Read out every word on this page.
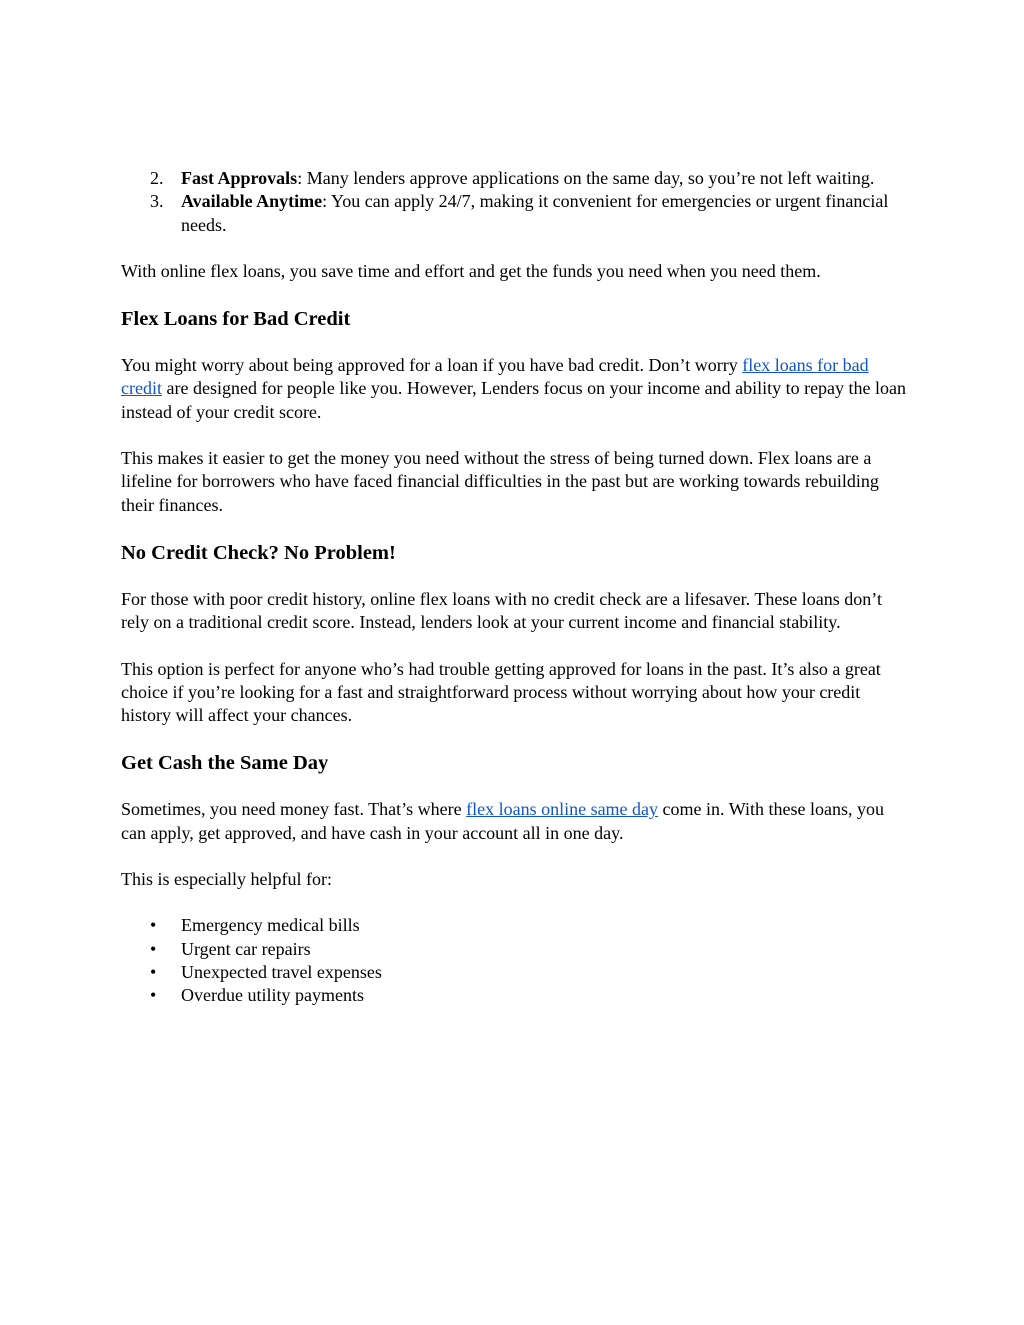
2. Fast Approvals: Many lenders approve applications on the same day, so you’re not left waiting.
3. Available Anytime: You can apply 24/7, making it convenient for emergencies or urgent financial needs.

With online flex loans, you save time and effort and get the funds you need when you need them.

Flex Loans for Bad Credit

You might worry about being approved for a loan if you have bad credit. Don’t worry flex loans for bad credit are designed for people like you. However, Lenders focus on your income and ability to repay the loan instead of your credit score.

This makes it easier to get the money you need without the stress of being turned down. Flex loans are a lifeline for borrowers who have faced financial difficulties in the past but are working towards rebuilding their finances.

No Credit Check? No Problem!

For those with poor credit history, online flex loans with no credit check are a lifesaver. These loans don’t rely on a traditional credit score. Instead, lenders look at your current income and financial stability.

This option is perfect for anyone who’s had trouble getting approved for loans in the past. It’s also a great choice if you’re looking for a fast and straightforward process without worrying about how your credit history will affect your chances.

Get Cash the Same Day

Sometimes, you need money fast. That’s where flex loans online same day come in. With these loans, you can apply, get approved, and have cash in your account all in one day.

This is especially helpful for:

• Emergency medical bills
• Urgent car repairs
• Unexpected travel expenses
• Overdue utility payments
